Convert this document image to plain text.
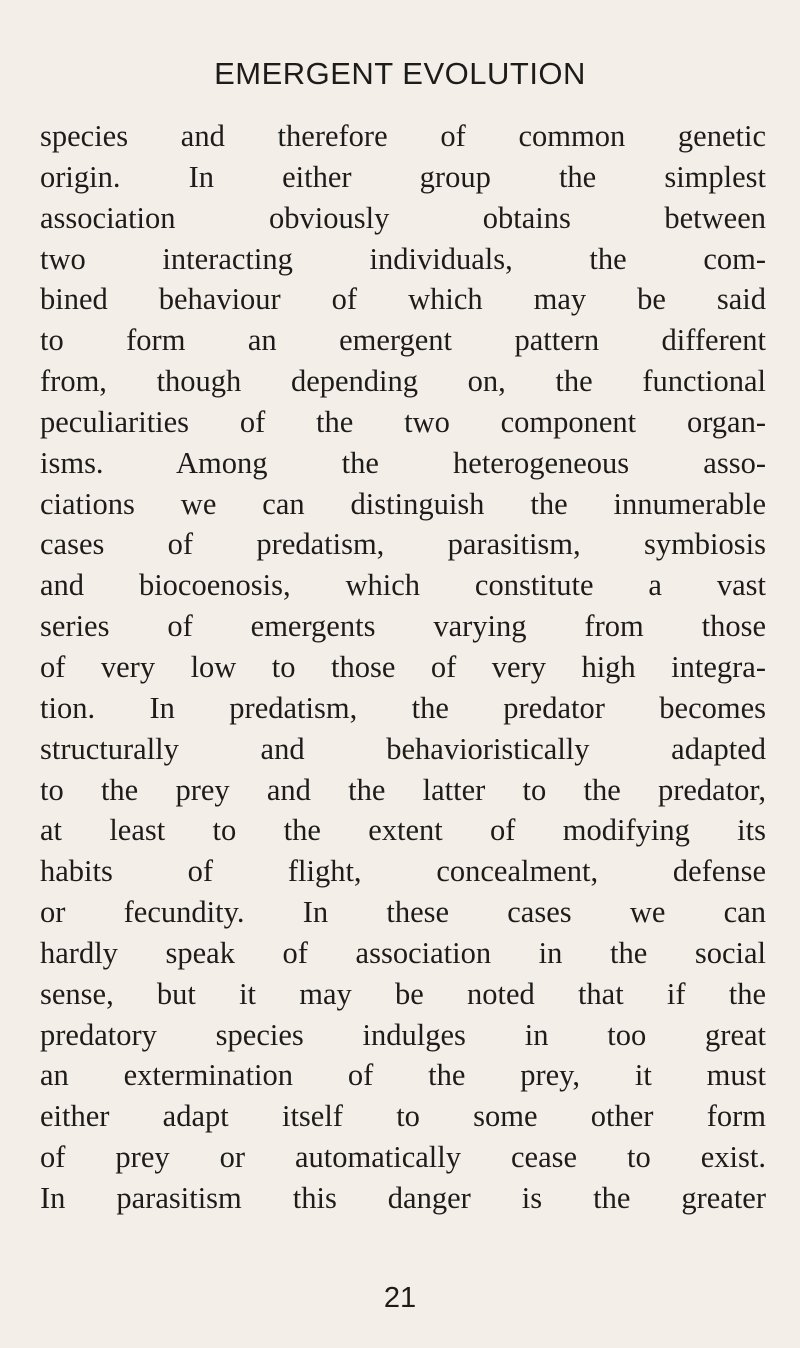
EMERGENT EVOLUTION
species and therefore of common genetic
origin. In either group the simplest
association obviously obtains between
two interacting individuals, the com-
bined behaviour of which may be said
to form an emergent pattern different
from, though depending on, the functional
peculiarities of the two component organ-
isms. Among the heterogeneous asso-
ciations we can distinguish the innumerable
cases of predatism, parasitism, symbiosis
and biocoenosis, which constitute a vast
series of emergents varying from those
of very low to those of very high integra-
tion. In predatism, the predator becomes
structurally and behavioristically adapted
to the prey and the latter to the predator,
at least to the extent of modifying its
habits of flight, concealment, defense
or fecundity. In these cases we can
hardly speak of association in the social
sense, but it may be noted that if the
predatory species indulges in too great
an extermination of the prey, it must
either adapt itself to some other form
of prey or automatically cease to exist.
In parasitism this danger is the greater

21
